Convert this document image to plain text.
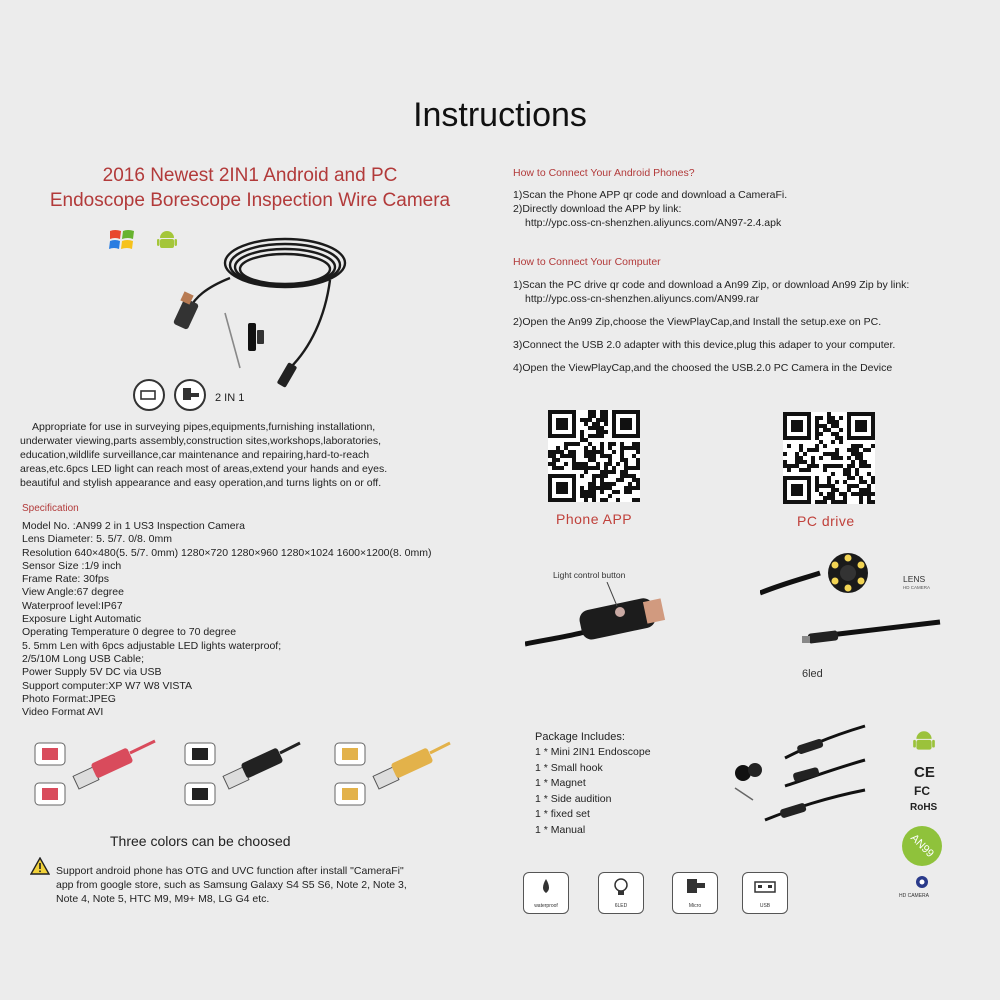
Instructions
2016 Newest 2IN1 Android and PC
Endoscope Borescope Inspection Wire Camera
2 IN 1
Appropriate for use in surveying pipes,equipments,furnishing installationn,
underwater viewing,parts assembly,construction sites,workshops,laboratories,
education,wildlife surveillance,car maintenance and repairing,hard-to-reach
areas,etc.6pcs LED light can reach most of areas,extend your hands and eyes.
beautiful and stylish appearance and easy operation,and turns lights on or off.
Specification
Model No. :AN99 2 in 1 US3 Inspection Camera
Lens Diameter: 5. 5/7. 0/8. 0mm
Resolution 640×480(5. 5/7. 0mm) 1280×720 1280×960 1280×1024 1600×1200(8. 0mm)
Sensor Size :1/9 inch
Frame Rate: 30fps
View Angle:67 degree
Waterproof level:IP67
Exposure Light Automatic
Operating Temperature 0 degree to 70 degree
5. 5mm Len with 6pcs adjustable LED lights waterproof;
2/5/10M Long USB Cable;
Power Supply 5V DC via USB
Support computer:XP W7 W8 VISTA
Photo Format:JPEG
Video Format AVI
Three colors can be choosed
Support android phone has OTG and UVC function after install "CameraFi"
app from google store, such as Samsung Galaxy S4 S5 S6, Note 2, Note 3,
Note 4, Note 5, HTC M9, M9+ M8, LG G4 etc.
How to Connect Your Android Phones?
1)Scan the Phone APP qr code and download a CameraFi.
2)Directly download the APP by link:
http://ypc.oss-cn-shenzhen.aliyuncs.com/AN97-2.4.apk
How to Connect Your Computer
1)Scan the PC drive qr code and download a An99 Zip, or download An99 Zip by link:
http://ypc.oss-cn-shenzhen.aliyuncs.com/AN99.rar
2)Open the An99 Zip,choose the ViewPlayCap,and Install the setup.exe on PC.
3)Connect the USB 2.0 adapter with this device,plug this adaper to your computer.
4)Open the ViewPlayCap,and the choosed the USB.2.0 PC Camera in the Device
Phone APP	PC drive
Light control button	LENS
HD CAMERA
6led
Package Includes:
1 * Mini 2IN1 Endoscope
1 * Small hook
1 * Magnet
1 * Side audition
1 * fixed set
1 * Manual
CE
FC
RoHS
AN99
HD CAMERA
waterproof	6LED	Micro	USB
